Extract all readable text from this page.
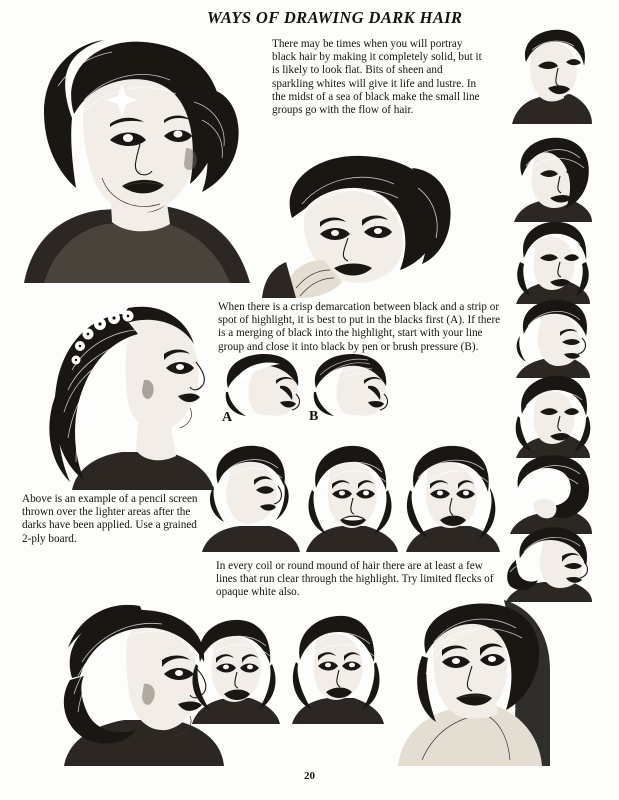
WAYS OF DRAWING DARK HAIR
There may be times when you will portray black hair by making it completely solid, but it is likely to look flat. Bits of sheen and sparkling whites will give it life and lustre. In the midst of a sea of black make the small line groups go with the flow of hair.
When there is a crisp demarcation between black and a strip or spot of highlight, it is best to put in the blacks first (A). If there is a merging of black into the highlight, start with your line group and close it into black by pen or brush pressure (B).
A	B
Above is an example of a pencil screen thrown over the lighter areas after the darks have been applied. Use a grained 2-ply board.
In every coil or round mound of hair there are at least a few lines that run clear through the highlight. Try limited flecks of opaque white also.
20
